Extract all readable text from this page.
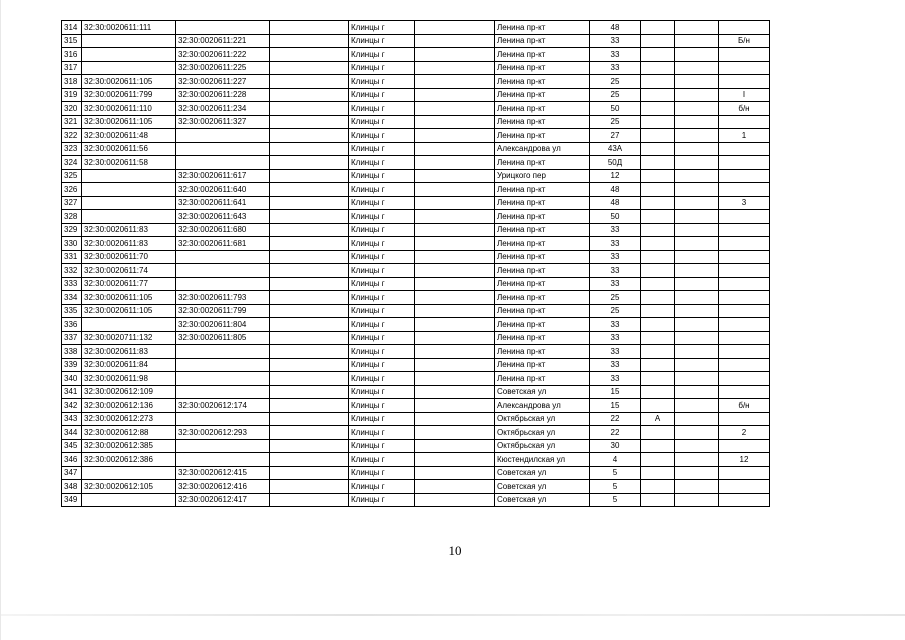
314	32:30:0020611:111			Клинцы г		Ленина пр-кт	48			
315		32:30:0020611:221		Клинцы г		Ленина пр-кт	33			Б/н
316		32:30:0020611:222		Клинцы г		Ленина пр-кт	33			
317		32:30:0020611:225		Клинцы г		Ленина пр-кт	33			
318	32:30:0020611:105	32:30:0020611:227		Клинцы г		Ленина пр-кт	25			
319	32:30:0020611:799	32:30:0020611:228		Клинцы г		Ленина пр-кт	25			I
320	32:30:0020611:110	32:30:0020611:234		Клинцы г		Ленина пр-кт	50			б/н
321	32:30:0020611:105	32:30:0020611:327		Клинцы г		Ленина пр-кт	25			
322	32:30:0020611:48			Клинцы г		Ленина пр-кт	27			1
323	32:30:0020611:56			Клинцы г		Александрова ул	43А			
324	32:30:0020611:58			Клинцы г		Ленина пр-кт	50Д			
325		32:30:0020611:617		Клинцы г		Урицкого пер	12			
326		32:30:0020611:640		Клинцы г		Ленина пр-кт	48			
327		32:30:0020611:641		Клинцы г		Ленина пр-кт	48			3
328		32:30:0020611:643		Клинцы г		Ленина пр-кт	50			
329	32:30:0020611:83	32:30:0020611:680		Клинцы г		Ленина пр-кт	33			
330	32:30:0020611:83	32:30:0020611:681		Клинцы г		Ленина пр-кт	33			
331	32:30:0020611:70			Клинцы г		Ленина пр-кт	33			
332	32:30:0020611:74			Клинцы г		Ленина пр-кт	33			
333	32:30:0020611:77			Клинцы г		Ленина пр-кт	33			
334	32:30:0020611:105	32:30:0020611:793		Клинцы г		Ленина пр-кт	25			
335	32:30:0020611:105	32:30:0020611:799		Клинцы г		Ленина пр-кт	25			
336		32:30:0020611:804		Клинцы г		Ленина пр-кт	33			
337	32:30:0020711:132	32:30:0020611:805		Клинцы г		Ленина пр-кт	33			
338	32:30:0020611:83			Клинцы г		Ленина пр-кт	33			
339	32:30:0020611:84			Клинцы г		Ленина пр-кт	33			
340	32:30:0020611:98			Клинцы г		Ленина пр-кт	33			
341	32:30:0020612:109			Клинцы г		Советская ул	15			
342	32:30:0020612:136	32:30:0020612:174		Клинцы г		Александрова ул	15			б/н
343	32:30:0020612:273			Клинцы г		Октябрьская ул	22	А		
344	32:30:0020612:88	32:30:0020612:293		Клинцы г		Октябрьская ул	22			2
345	32:30:0020612:385			Клинцы г		Октябрьская ул	30			
346	32:30:0020612:386			Клинцы г		Кюстендилская ул	4			12
347		32:30:0020612:415		Клинцы г		Советская ул	5			
348	32:30:0020612:105	32:30:0020612:416		Клинцы г		Советская ул	5			
349		32:30:0020612:417		Клинцы г		Советская ул	5			
10
